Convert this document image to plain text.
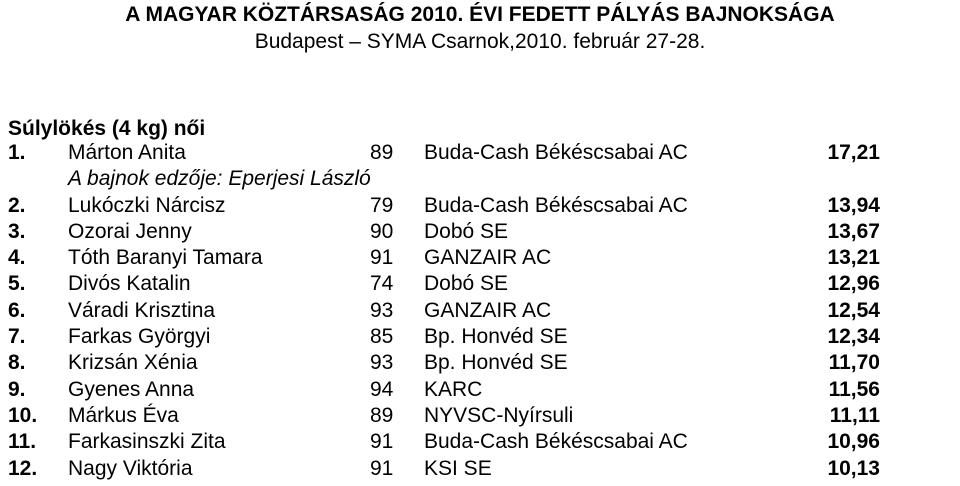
A MAGYAR KÖZTÁRSASÁG 2010. ÉVI FEDETT PÁLYÁS BAJNOKSÁGA
Budapest – SYMA Csarnok,2010. február 27-28.
Súlylökés (4 kg) női
1. Márton Anita	89 Buda-Cash Békéscsabai AC	17,21
A bajnok edzője: Eperjesi László
2. Lukóczki Nárcisz	79 Buda-Cash Békéscsabai AC	13,94
3. Ozorai Jenny	90 Dobó SE	13,67
4. Tóth Baranyi Tamara	91 GANZAIR AC	13,21
5. Divós Katalin	74 Dobó SE	12,96
6. Váradi Krisztina	93 GANZAIR AC	12,54
7. Farkas Györgyi	85 Bp. Honvéd SE	12,34
8. Krizsán Xénia	93 Bp. Honvéd SE	11,70
9. Gyenes Anna	94 KARC	11,56
10. Márkus Éva	89 NYVSC-Nyírsuli	11,11
11. Farkasinszki Zita	91 Buda-Cash Békéscsabai AC	10,96
12. Nagy Viktória	91 KSI SE	10,13
